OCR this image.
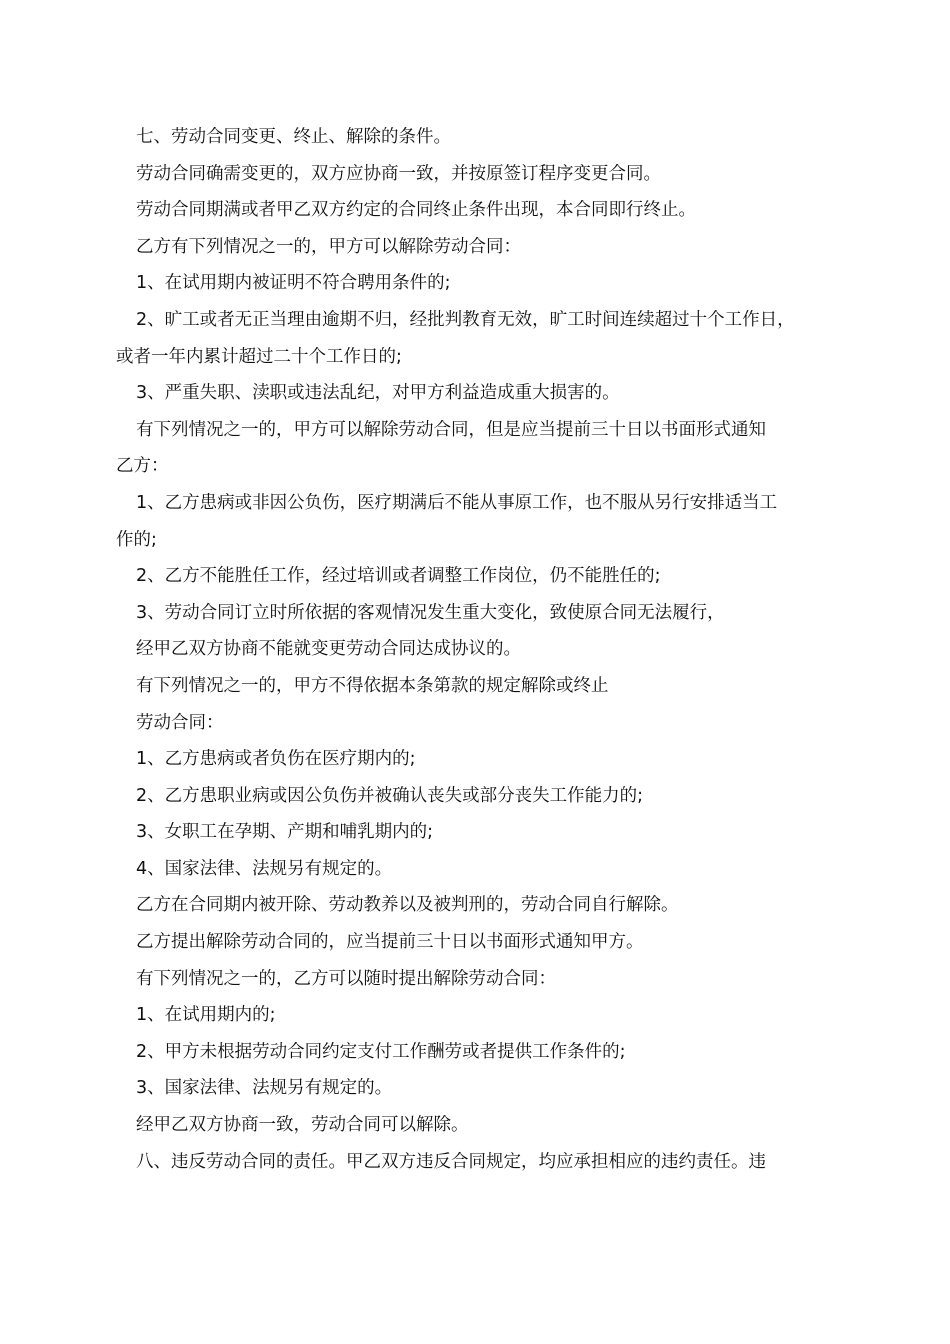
七、劳动合同变更、终止、解除的条件。
劳动合同确需变更的，双方应协商一致，并按原签订程序变更合同。
劳动合同期满或者甲乙双方约定的合同终止条件出现，本合同即行终止。
乙方有下列情况之一的，甲方可以解除劳动合同：
1、在试用期内被证明不符合聘用条件的;
2、旷工或者无正当理由逾期不归，经批判教育无效，旷工时间连续超过十个工作日，
或者一年内累计超过二十个工作日的;
3、严重失职、渎职或违法乱纪，对甲方利益造成重大损害的。
有下列情况之一的，甲方可以解除劳动合同，但是应当提前三十日以书面形式通知
乙方：
1、乙方患病或非因公负伤，医疗期满后不能从事原工作，也不服从另行安排适当工
作的;
2、乙方不能胜任工作，经过培训或者调整工作岗位，仍不能胜任的;
3、劳动合同订立时所依据的客观情况发生重大变化，致使原合同无法履行，
经甲乙双方协商不能就变更劳动合同达成协议的。
有下列情况之一的，甲方不得依据本条第款的规定解除或终止
劳动合同：
1、乙方患病或者负伤在医疗期内的;
2、乙方患职业病或因公负伤并被确认丧失或部分丧失工作能力的;
3、女职工在孕期、产期和哺乳期内的;
4、国家法律、法规另有规定的。
乙方在合同期内被开除、劳动教养以及被判刑的，劳动合同自行解除。
乙方提出解除劳动合同的，应当提前三十日以书面形式通知甲方。
有下列情况之一的，乙方可以随时提出解除劳动合同：
1、在试用期内的;
2、甲方未根据劳动合同约定支付工作酬劳或者提供工作条件的;
3、国家法律、法规另有规定的。
经甲乙双方协商一致，劳动合同可以解除。
八、违反劳动合同的责任。甲乙双方违反合同规定，均应承担相应的违约责任。违
